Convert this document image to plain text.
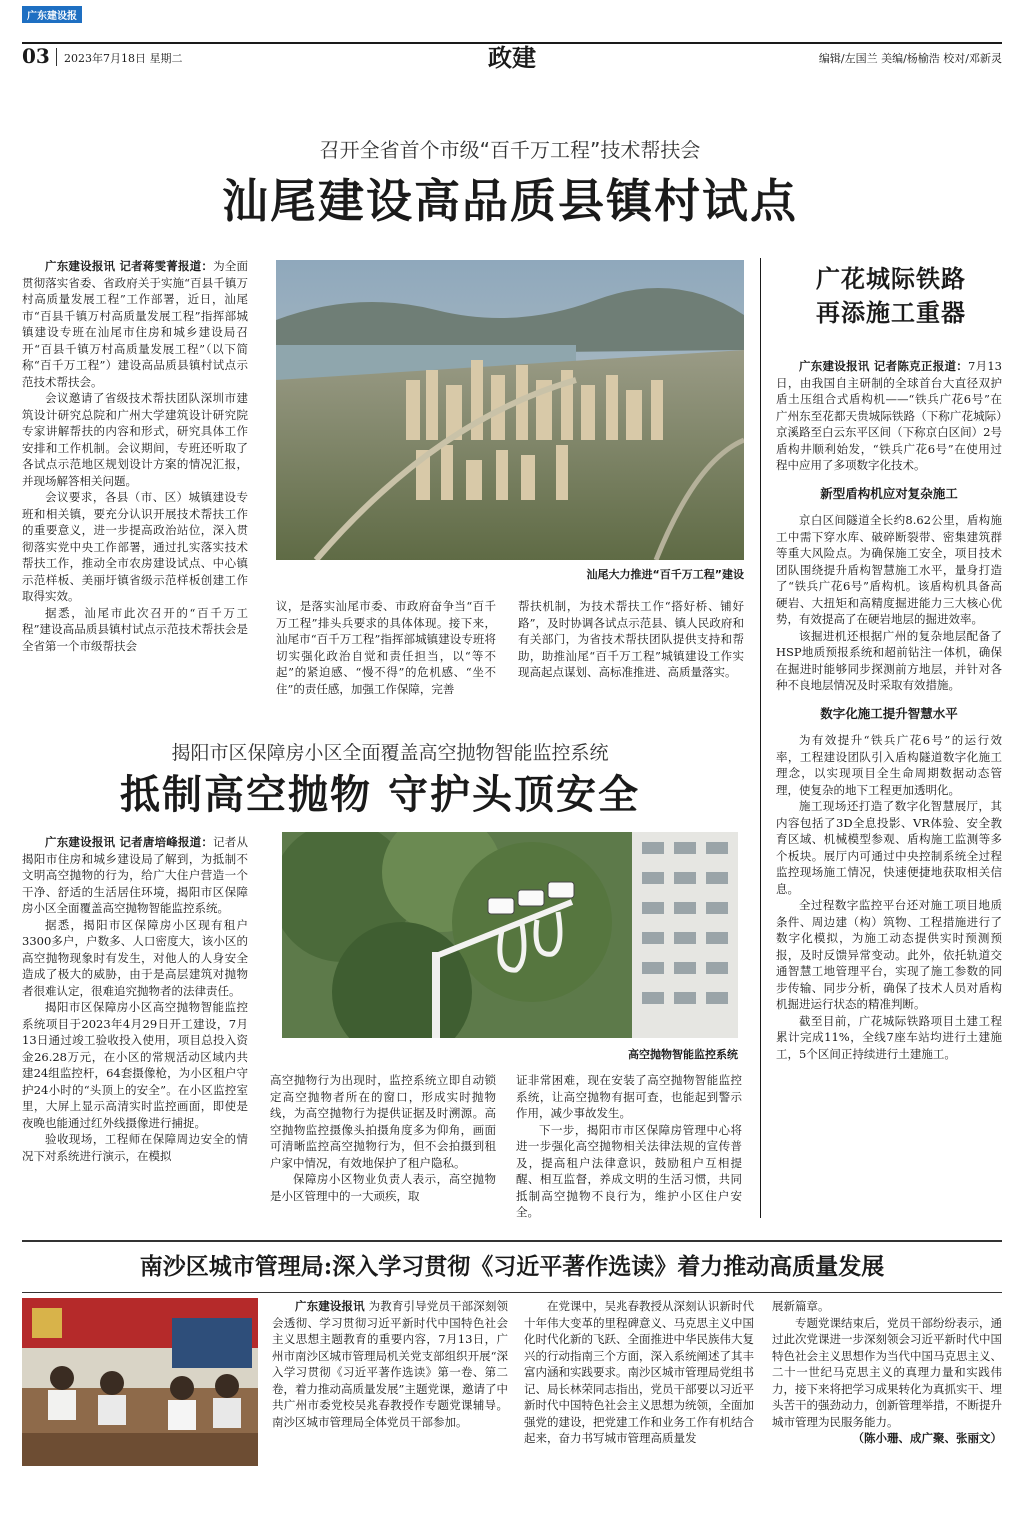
广东建设报
03 2023年7月18日 星期二	政建	编辑/左国兰 美编/杨榆浩 校对/邓新灵
召开全省首个市级“百千万工程”技术帮扶会
汕尾建设高品质县镇村试点

广东建设报讯 记者蒋雯菁报道：为全面贯彻落实省委、省政府关于实施“百县千镇万村高质量发展工程”工作部署，近日，汕尾市“百县千镇万村高质量发展工程”指挥部城镇建设专班在汕尾市住房和城乡建设局召开“百县千镇万村高质量发展工程”（以下简称“百千万工程”）建设高品质县镇村试点示范技术帮扶会。

会议邀请了省级技术帮扶团队深圳市建筑设计研究总院和广州大学建筑设计研究院专家讲解帮扶的内容和形式，研究具体工作安排和工作机制。会议期间，专班还听取了各试点示范地区规划设计方案的情况汇报，并现场解答相关问题。

会议要求，各县（市、区）城镇建设专班和相关镇，要充分认识开展技术帮扶工作的重要意义，进一步提高政治站位，深入贯彻落实党中央工作部署，通过扎实落实技术帮扶工作，推动全市农房建设试点、中心镇示范样板、美丽圩镇省级示范样板创建工作取得实效。

据悉，汕尾市此次召开的“百千万工程”建设高品质县镇村试点示范技术帮扶会是全省第一个市级帮扶会

汕尾大力推进“百千万工程”建设

议，是落实汕尾市委、市政府奋争当“百千万工程”排头兵要求的具体体现。接下来，汕尾市“百千万工程”指挥部城镇建设专班将切实强化政治自觉和责任担当，以“等不起”的紧迫感、“慢不得”的危机感、“坐不住”的责任感，加强工作保障，完善

帮扶机制，为技术帮扶工作“搭好桥、铺好路”，及时协调各试点示范县、镇人民政府和有关部门，为省技术帮扶团队提供支持和帮助，助推汕尾“百千万工程”城镇建设工作实现高起点谋划、高标准推进、高质量落实。

揭阳市区保障房小区全面覆盖高空抛物智能监控系统
抵制高空抛物 守护头顶安全

广东建设报讯 记者唐培峰报道：记者从揭阳市住房和城乡建设局了解到，为抵制不文明高空抛物的行为，给广大住户营造一个干净、舒适的生活居住环境，揭阳市区保障房小区全面覆盖高空抛物智能监控系统。

据悉，揭阳市区保障房小区现有租户3300多户，户数多、人口密度大，该小区的高空抛物现象时有发生，对他人的人身安全造成了极大的威胁，由于是高层建筑对抛物者很难认定，很难追究抛物者的法律责任。

揭阳市区保障房小区高空抛物智能监控系统项目于2023年4月29日开工建设，7月13日通过竣工验收投入使用，项目总投入资金26.28万元，在小区的常规活动区域内共建24组监控杆，64套摄像枪，为小区租户守护24小时的“头顶上的安全”。在小区监控室里，大屏上显示高清实时监控画面，即使是夜晚也能通过红外线摄像进行捕捉。

验收现场，工程师在保障周边安全的情况下对系统进行演示，在模拟

高空抛物智能监控系统

高空抛物行为出现时，监控系统立即自动锁定高空抛物者所在的窗口，形成实时抛物线，为高空抛物行为提供证据及时溯源。高空抛物监控摄像头拍摄角度多为仰角，画面可清晰监控高空抛物行为，但不会拍摄到租户家中情况，有效地保护了租户隐私。

保障房小区物业负责人表示，高空抛物是小区管理中的一大顽疾，取

证非常困难，现在安装了高空抛物智能监控系统，让高空抛物有据可查，也能起到警示作用，减少事故发生。

下一步，揭阳市市区保障房管理中心将进一步强化高空抛物相关法律法规的宣传普及，提高租户法律意识，鼓励租户互相提醒、相互监督，养成文明的生活习惯，共同抵制高空抛物不良行为，维护小区住户安全。

广花城际铁路
再添施工重器

广东建设报讯 记者陈克正报道：7月13日，由我国自主研制的全球首台大直径双护盾土压组合式盾构机——“铁兵广花6号”在广州东至花都天贵城际铁路（下称广花城际）京溪路至白云东平区间（下称京白区间）2号盾构井顺利始发，“铁兵广花6号”在使用过程中应用了多项数字化技术。

新型盾构机应对复杂施工

京白区间隧道全长约8.62公里，盾构施工中需下穿水库、破碎断裂带、密集建筑群等重大风险点。为确保施工安全，项目技术团队围绕提升盾构智慧施工水平，量身打造了“铁兵广花6号”盾构机。该盾构机具备高硬岩、大扭矩和高精度掘进能力三大核心优势，有效提高了在硬岩地层的掘进效率。

该掘进机还根据广州的复杂地层配备了HSP地质预报系统和超前钻注一体机，确保在掘进时能够同步探测前方地层，并针对各种不良地层情况及时采取有效措施。

数字化施工提升智慧水平

为有效提升“铁兵广花6号”的运行效率，工程建设团队引入盾构隧道数字化施工理念，以实现项目全生命周期数据动态管理，使复杂的地下工程更加透明化。

施工现场还打造了数字化智慧展厅，其内容包括了3D全息投影、VR体验、安全教育区域、机械模型参观、盾构施工监测等多个板块。展厅内可通过中央控制系统全过程监控现场施工情况，快速便捷地获取相关信息。

全过程数字监控平台还对施工项目地质条件、周边建（构）筑物、工程措施进行了数字化模拟，为施工动态提供实时预测预报，及时反馈异常变动。此外，依托轨道交通智慧工地管理平台，实现了施工参数的同步传输、同步分析，确保了技术人员对盾构机掘进运行状态的精准判断。

截至目前，广花城际铁路项目土建工程累计完成11%，全线7座车站均进行土建施工，5个区间正持续进行土建施工。

南沙区城市管理局:深入学习贯彻《习近平著作选读》着力推动高质量发展

广东建设报讯 为教育引导党员干部深刻领会透彻、学习贯彻习近平新时代中国特色社会主义思想主题教育的重要内容，7月13日，广州市南沙区城市管理局机关党支部组织开展“深入学习贯彻《习近平著作选读》第一卷、第二卷，着力推动高质量发展”主题党课，邀请了中共广州市委党校吴兆春教授作专题党课辅导。南沙区城市管理局全体党员干部参加。

在党课中，吴兆春教授从深刻认识新时代十年伟大变革的里程碑意义、马克思主义中国化时代化新的飞跃、全面推进中华民族伟大复兴的行动指南三个方面，深入系统阐述了其丰富内涵和实践要求。南沙区城市管理局党组书记、局长林荣同志指出，党员干部要以习近平新时代中国特色社会主义思想为统领，全面加强党的建设，把党建工作和业务工作有机结合起来，奋力书写城市管理高质量发

展新篇章。

专题党课结束后，党员干部纷纷表示，通过此次党课进一步深刻领会习近平新时代中国特色社会主义思想作为当代中国马克思主义、二十一世纪马克思主义的真理力量和实践伟力，接下来将把学习成果转化为真抓实干、埋头苦干的强劲动力，创新管理举措，不断提升城市管理为民服务能力。

（陈小珊、成广聚、张丽文）
